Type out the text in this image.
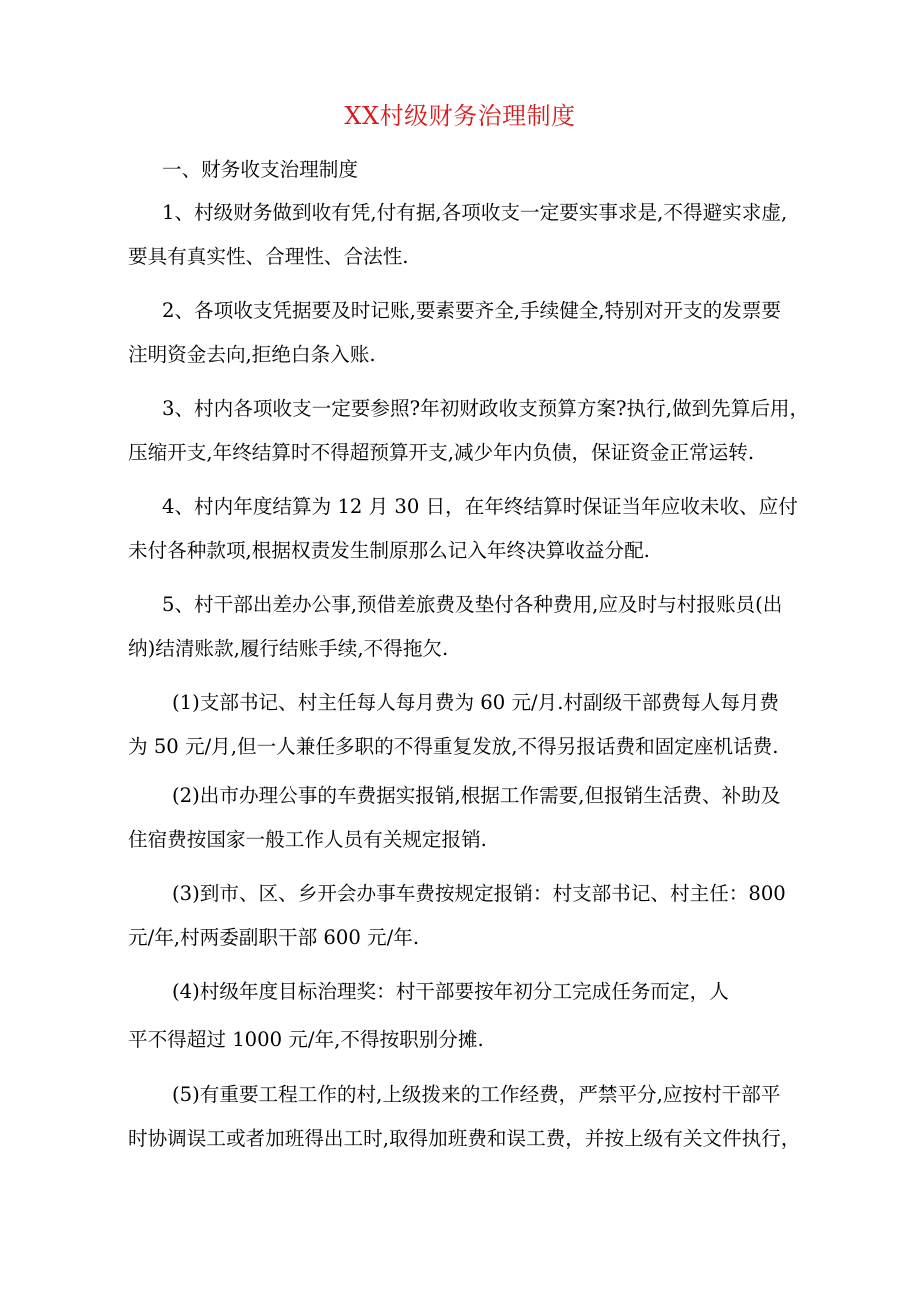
XX村级财务治理制度
一、财务收支治理制度
1、村级财务做到收有凭,付有据,各项收支一定要实事求是,不得避实求虚,
要具有真实性、合理性、合法性.
2、各项收支凭据要及时记账,要素要齐全,手续健全,特别对开支的发票要
注明资金去向,拒绝白条入账.
3、村内各项收支一定要参照?年初财政收支预算方案?执行,做到先算后用，
压缩开支,年终结算时不得超预算开支,减少年内负债，保证资金正常运转.
4、村内年度结算为 12 月 30 日，在年终结算时保证当年应收未收、应付
未付各种款项,根据权责发生制原那么记入年终决算收益分配.
5、村干部出差办公事,预借差旅费及垫付各种费用,应及时与村报账员(出
纳)结清账款,履行结账手续,不得拖欠.
(1)支部书记、村主任每人每月费为 60 元/月.村副级干部费每人每月费
为 50 元/月,但一人兼任多职的不得重复发放,不得另报话费和固定座机话费.
(2)出市办理公事的车费据实报销,根据工作需要,但报销生活费、补助及
住宿费按国家一般工作人员有关规定报销.
(3)到市、区、乡开会办事车费按规定报销：村支部书记、村主任：800
元/年,村两委副职干部 600 元/年.
(4)村级年度目标治理奖：村干部要按年初分工完成任务而定，人
平不得超过 1000 元/年,不得按职别分摊.
(5)有重要工程工作的村,上级拨来的工作经费，严禁平分,应按村干部平
时协调误工或者加班得出工时,取得加班费和误工费，并按上级有关文件执行，
